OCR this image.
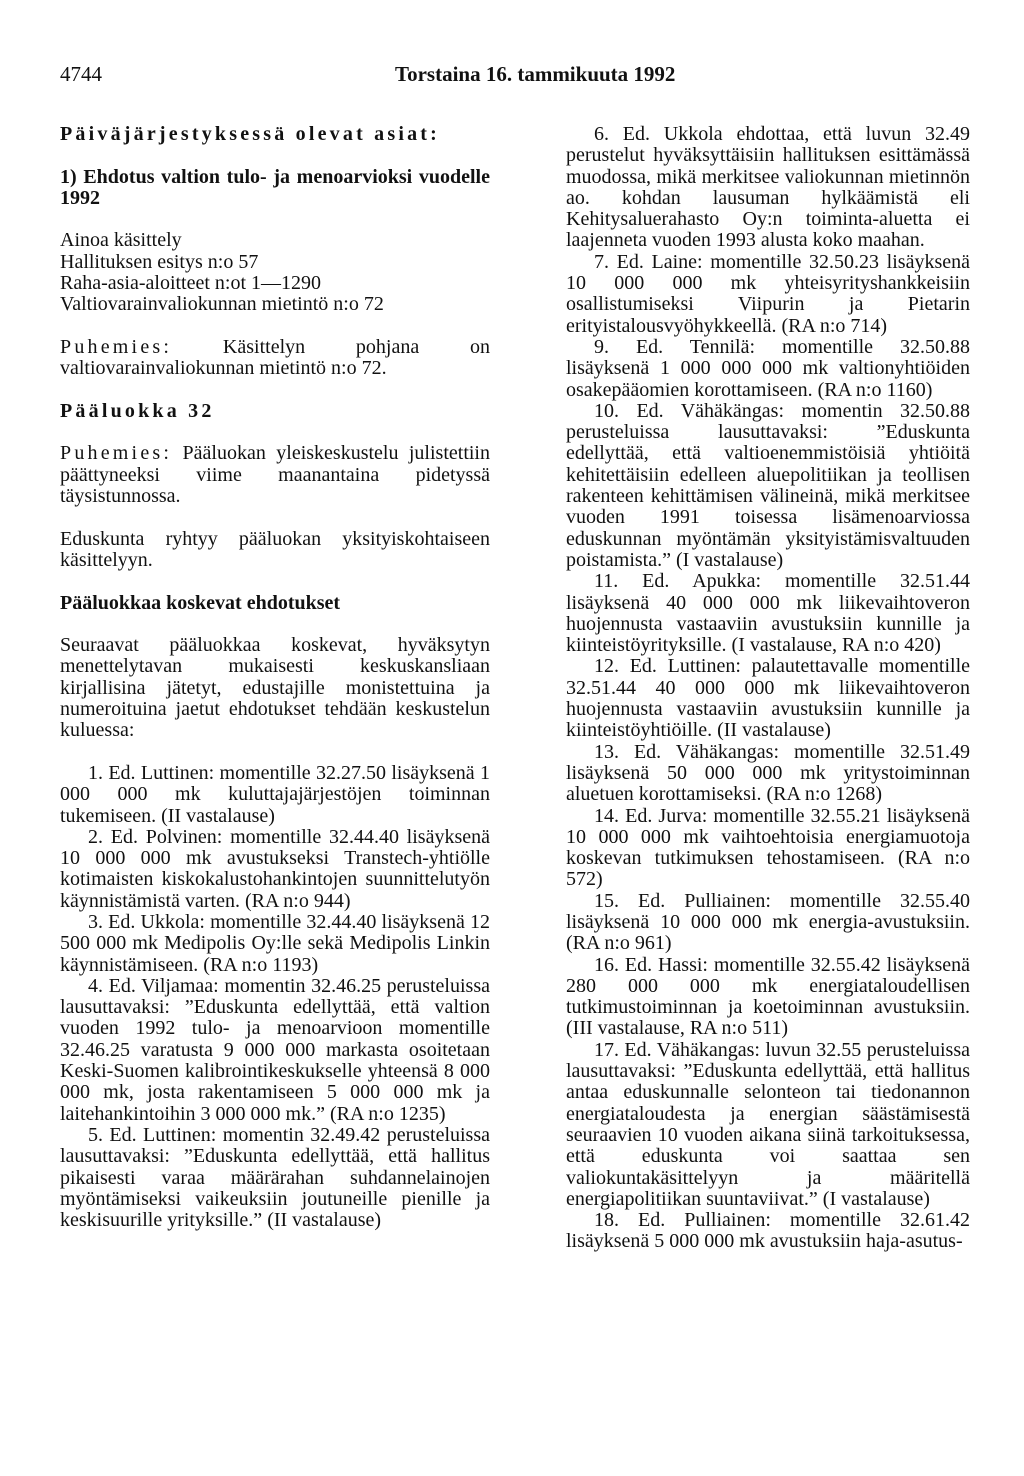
4744	Torstaina 16. tammikuuta 1992

Päiväjärjestyksessä olevat asiat:

1) Ehdotus valtion tulo- ja menoarvioksi vuodelle 1992

Ainoa käsittely

Hallituksen esitys n:o 57

Raha-asia-aloitteet n:ot 1—1290

Valtiovarainvaliokunnan mietintö n:o 72

Puhemies:	Käsittelyn pohjana on valtiovarainvaliokunnan mietintö n:o 72.

Pääluokka 32

Puhemies: Pääluokan yleiskeskustelu julistettiin päättyneeksi viime maanantaina pidetyssä täysistunnossa.

Eduskunta ryhtyy pääluokan yksityiskohtaiseen käsittelyyn.

Pääluokkaa koskevat ehdotukset

Seuraavat pääluokkaa koskevat, hyväksytyn menettelytavan mukaisesti keskuskansliaan kirjallisina jätetyt, edustajille monistettuina ja numeroituina jaetut ehdotukset tehdään keskustelun kuluessa:

1. Ed. Luttinen: momentille 32.27.50 lisäyksenä 1 000 000 mk kuluttajajärjestöjen toiminnan tukemiseen. (II vastalause)

2. Ed. Polvinen: momentille 32.44.40 lisäyksenä 10 000 000 mk avustukseksi Transtech-yhtiölle kotimaisten kiskokalustohankintojen suunnittelutyön käynnistämistä varten. (RA n:o 944)

3. Ed. Ukkola: momentille 32.44.40 lisäyksenä 12 500 000 mk Medipolis Oy:lle sekä Medipolis Linkin käynnistämiseen. (RA n:o 1193)

4. Ed. Viljamaa: momentin 32.46.25 perusteluissa lausuttavaksi: ”Eduskunta edellyttää, että valtion vuoden 1992 tulo- ja menoarvioon momentille 32.46.25 varatusta 9 000 000 markasta osoitetaan Keski-Suomen kalibrointikeskukselle yhteensä 8 000 000 mk, josta rakentamiseen 5 000 000 mk ja laitehankintoihin 3 000 000 mk.” (RA n:o 1235)

5. Ed. Luttinen: momentin 32.49.42 perusteluissa lausuttavaksi: ”Eduskunta edellyttää, että hallitus pikaisesti varaa määrärahan suhdannelainojen myöntämiseksi vaikeuksiin joutuneille pienille ja keskisuurille yrityksille.” (II vastalause)

6. Ed. Ukkola ehdottaa, että luvun 32.49 perustelut hyväksyttäisiin hallituksen esittämässä muodossa, mikä merkitsee valiokunnan mietinnön ao. kohdan lausuman hylkäämistä eli Kehitysaluerahasto Oy:n toiminta-aluetta ei laajenneta vuoden 1993 alusta koko maahan.

7. Ed. Laine: momentille 32.50.23 lisäyksenä 10 000 000 mk yhteisyrityshankkeisiin osallistumiseksi Viipurin ja Pietarin erityistalousvyöhykkeellä. (RA n:o 714)

9. Ed. Tennilä: momentille 32.50.88 lisäyksenä 1 000 000 000 mk valtionyhtiöiden osakepääomien korottamiseen. (RA n:o 1160)

10. Ed. Vähäkängas: momentin 32.50.88 perusteluissa lausuttavaksi: ”Eduskunta edellyttää, että valtioenemmistöisiä yhtiöitä kehitettäisiin edelleen aluepolitiikan ja teollisen rakenteen kehittämisen välineinä, mikä merkitsee vuoden 1991 toisessa lisämenoarviossa eduskunnan myöntämän yksityistämisvaltuuden poistamista.” (I vastalause)

11. Ed. Apukka: momentille 32.51.44 lisäyksenä 40 000 000 mk liikevaihtoveron huojennusta vastaaviin avustuksiin kunnille ja kiinteistöyrityksille. (I vastalause, RA n:o 420)

12. Ed. Luttinen: palautettavalle momentille 32.51.44 40 000 000 mk liikevaihtoveron huojennusta vastaaviin avustuksiin kunnille ja kiinteistöyhtiöille. (II vastalause)

13. Ed. Vähäkangas: momentille 32.51.49 lisäyksenä 50 000 000 mk yritystoiminnan aluetuen korottamiseksi. (RA n:o 1268)

14. Ed. Jurva: momentille 32.55.21 lisäyksenä 10 000 000 mk vaihtoehtoisia energiamuotoja koskevan tutkimuksen tehostamiseen. (RA n:o 572)

15. Ed. Pulliainen: momentille 32.55.40 lisäyksenä 10 000 000 mk energia-avustuksiin. (RA n:o 961)

16. Ed. Hassi: momentille 32.55.42 lisäyksenä 280 000 000 mk energiataloudellisen tutkimustoiminnan ja koetoiminnan avustuksiin. (III vastalause, RA n:o 511)

17. Ed. Vähäkangas: luvun 32.55 perusteluissa lausuttavaksi: ”Eduskunta edellyttää, että hallitus antaa eduskunnalle selonteon tai tiedonannon energiataloudesta ja energian säästämisestä seuraavien 10 vuoden aikana siinä tarkoituksessa, että eduskunta voi saattaa sen valiokuntakäsittelyyn ja määritellä energiapolitiikan suuntaviivat.” (I vastalause)

18. Ed. Pulliainen: momentille 32.61.42 lisäyksenä 5 000 000 mk avustuksiin haja-asutus-
